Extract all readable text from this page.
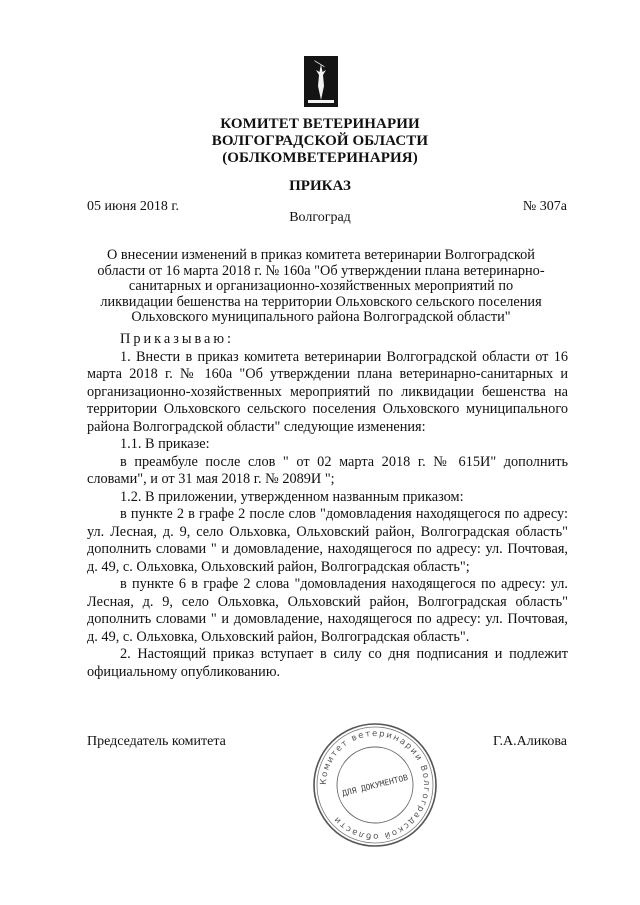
КОМИТЕТ ВЕТЕРИНАРИИ
ВОЛГОГРАДСКОЙ ОБЛАСТИ
(ОБЛКОМВЕТЕРИНАРИЯ)
ПРИКАЗ
05 июня 2018 г.	№ 307а
Волгоград
О внесении изменений в приказ комитета ветеринарии Волгоградской области от 16 марта 2018 г. № 160а "Об утверждении плана ветеринарно-санитарных и организационно-хозяйственных мероприятий по ликвидации бешенства на территории Ольховского сельского поселения Ольховского муниципального района Волгоградской области"

Приказываю:

1. Внести в приказ комитета ветеринарии Волгоградской области от 16 марта 2018 г. № 160а "Об утверждении плана ветеринарно-санитарных и организационно-хозяйственных мероприятий по ликвидации бешенства на территории Ольховского сельского поселения Ольховского муниципального района Волгоградской области" следующие изменения:

1.1. В приказе:

в преамбуле после слов " от 02 марта 2018 г. № 615И" дополнить словами", и от 31 мая 2018 г. № 2089И ";

1.2. В приложении, утвержденном названным приказом:

в пункте 2 в графе 2 после слов "домовладения находящегося по адресу: ул. Лесная, д. 9, село Ольховка, Ольховский район, Волгоградская область" дополнить словами " и домовладение, находящегося по адресу: ул. Почтовая, д. 49, с. Ольховка, Ольховский район, Волгоградская область";

в пункте 6 в графе 2 слова "домовладения находящегося по адресу: ул. Лесная, д. 9, село Ольховка, Ольховский район, Волгоградская область" дополнить словами " и домовладение, находящегося по адресу: ул. Почтовая, д. 49, с. Ольховка, Ольховский район, Волгоградская область".

2. Настоящий приказ вступает в силу со дня подписания и подлежит официальному опубликованию.

Председатель комитета	Г.А.Аликова
Комитет ветеринарии Волгоградской области
ДЛЯ ДОКУМЕНТОВ
